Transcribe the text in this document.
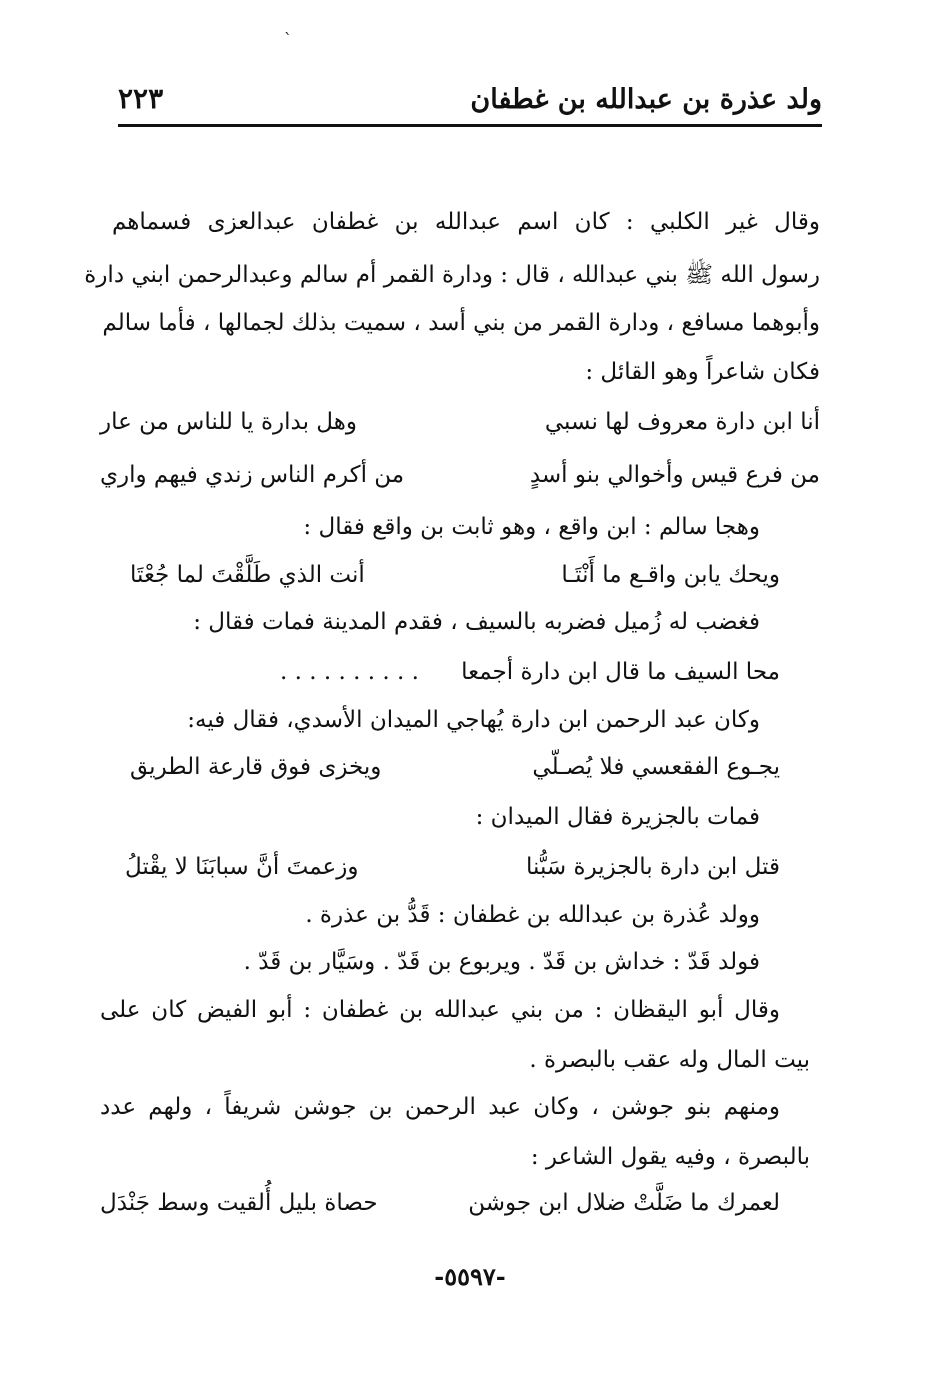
`
ولد عذرة بن عبدالله بن غطفان
٢٢٣
وقال غير الكلبي : كان اسم عبدالله بن غطفان عبدالعزى فسماهم
رسول الله ﷺ بني عبدالله ، قال : ودارة القمر أم سالم وعبدالرحمن ابني دارة
وأبوهما مسافع ، ودارة القمر من بني أسد ، سميت بذلك لجمالها ، فأما سالم
فكان شاعراً وهو القائل :
أنا ابن دارة معروف لها نسبي
وهل بدارة يا للناس من عار
من فرع قيس وأخوالي بنو أسدٍ
من أكرم الناس زندي فيهم واري
وهجا سالم : ابن واقع ، وهو ثابت بن واقع فقال :
ويحك يابن واقـع ما أَنْتَـا
أنت الذي طَلَّقْتَ لما جُعْتَا
فغضب له زُميل فضربه بالسيف ، فقدم المدينة فمات فقال :
محا السيف ما قال ابن دارة أجمعا
. . . . . . . . . .
وكان عبد الرحمن ابن دارة يُهاجي الميدان الأسدي، فقال فيه:
يجـوع الفقعسي فلا يُصـلّي
ويخزى فوق قارعة الطريق
فمات بالجزيرة فقال الميدان :
قتل ابن دارة بالجزيرة سَبُّنا
وزعمتَ أنَّ سبابَنَا لا يقْتلُ
وولد عُذرة بن عبدالله بن غطفان : قَدُّ بن عذرة .
فولد قَدّ : خداش بن قَدّ . ويربوع بن قَدّ . وسَيَّار بن قَدّ .
وقال أبو اليقظان : من بني عبدالله بن غطفان : أبو الفيض كان على
بيت المال وله عقب بالبصرة .
ومنهم بنو جوشن ، وكان عبد الرحمن بن جوشن شريفاً ، ولهم عدد
بالبصرة ، وفيه يقول الشاعر :
لعمرك ما ضَلَّتْ ضلال ابن جوشن
حصاة بليل أُلقيت وسط جَنْدَل
-٥٥٩٧-
